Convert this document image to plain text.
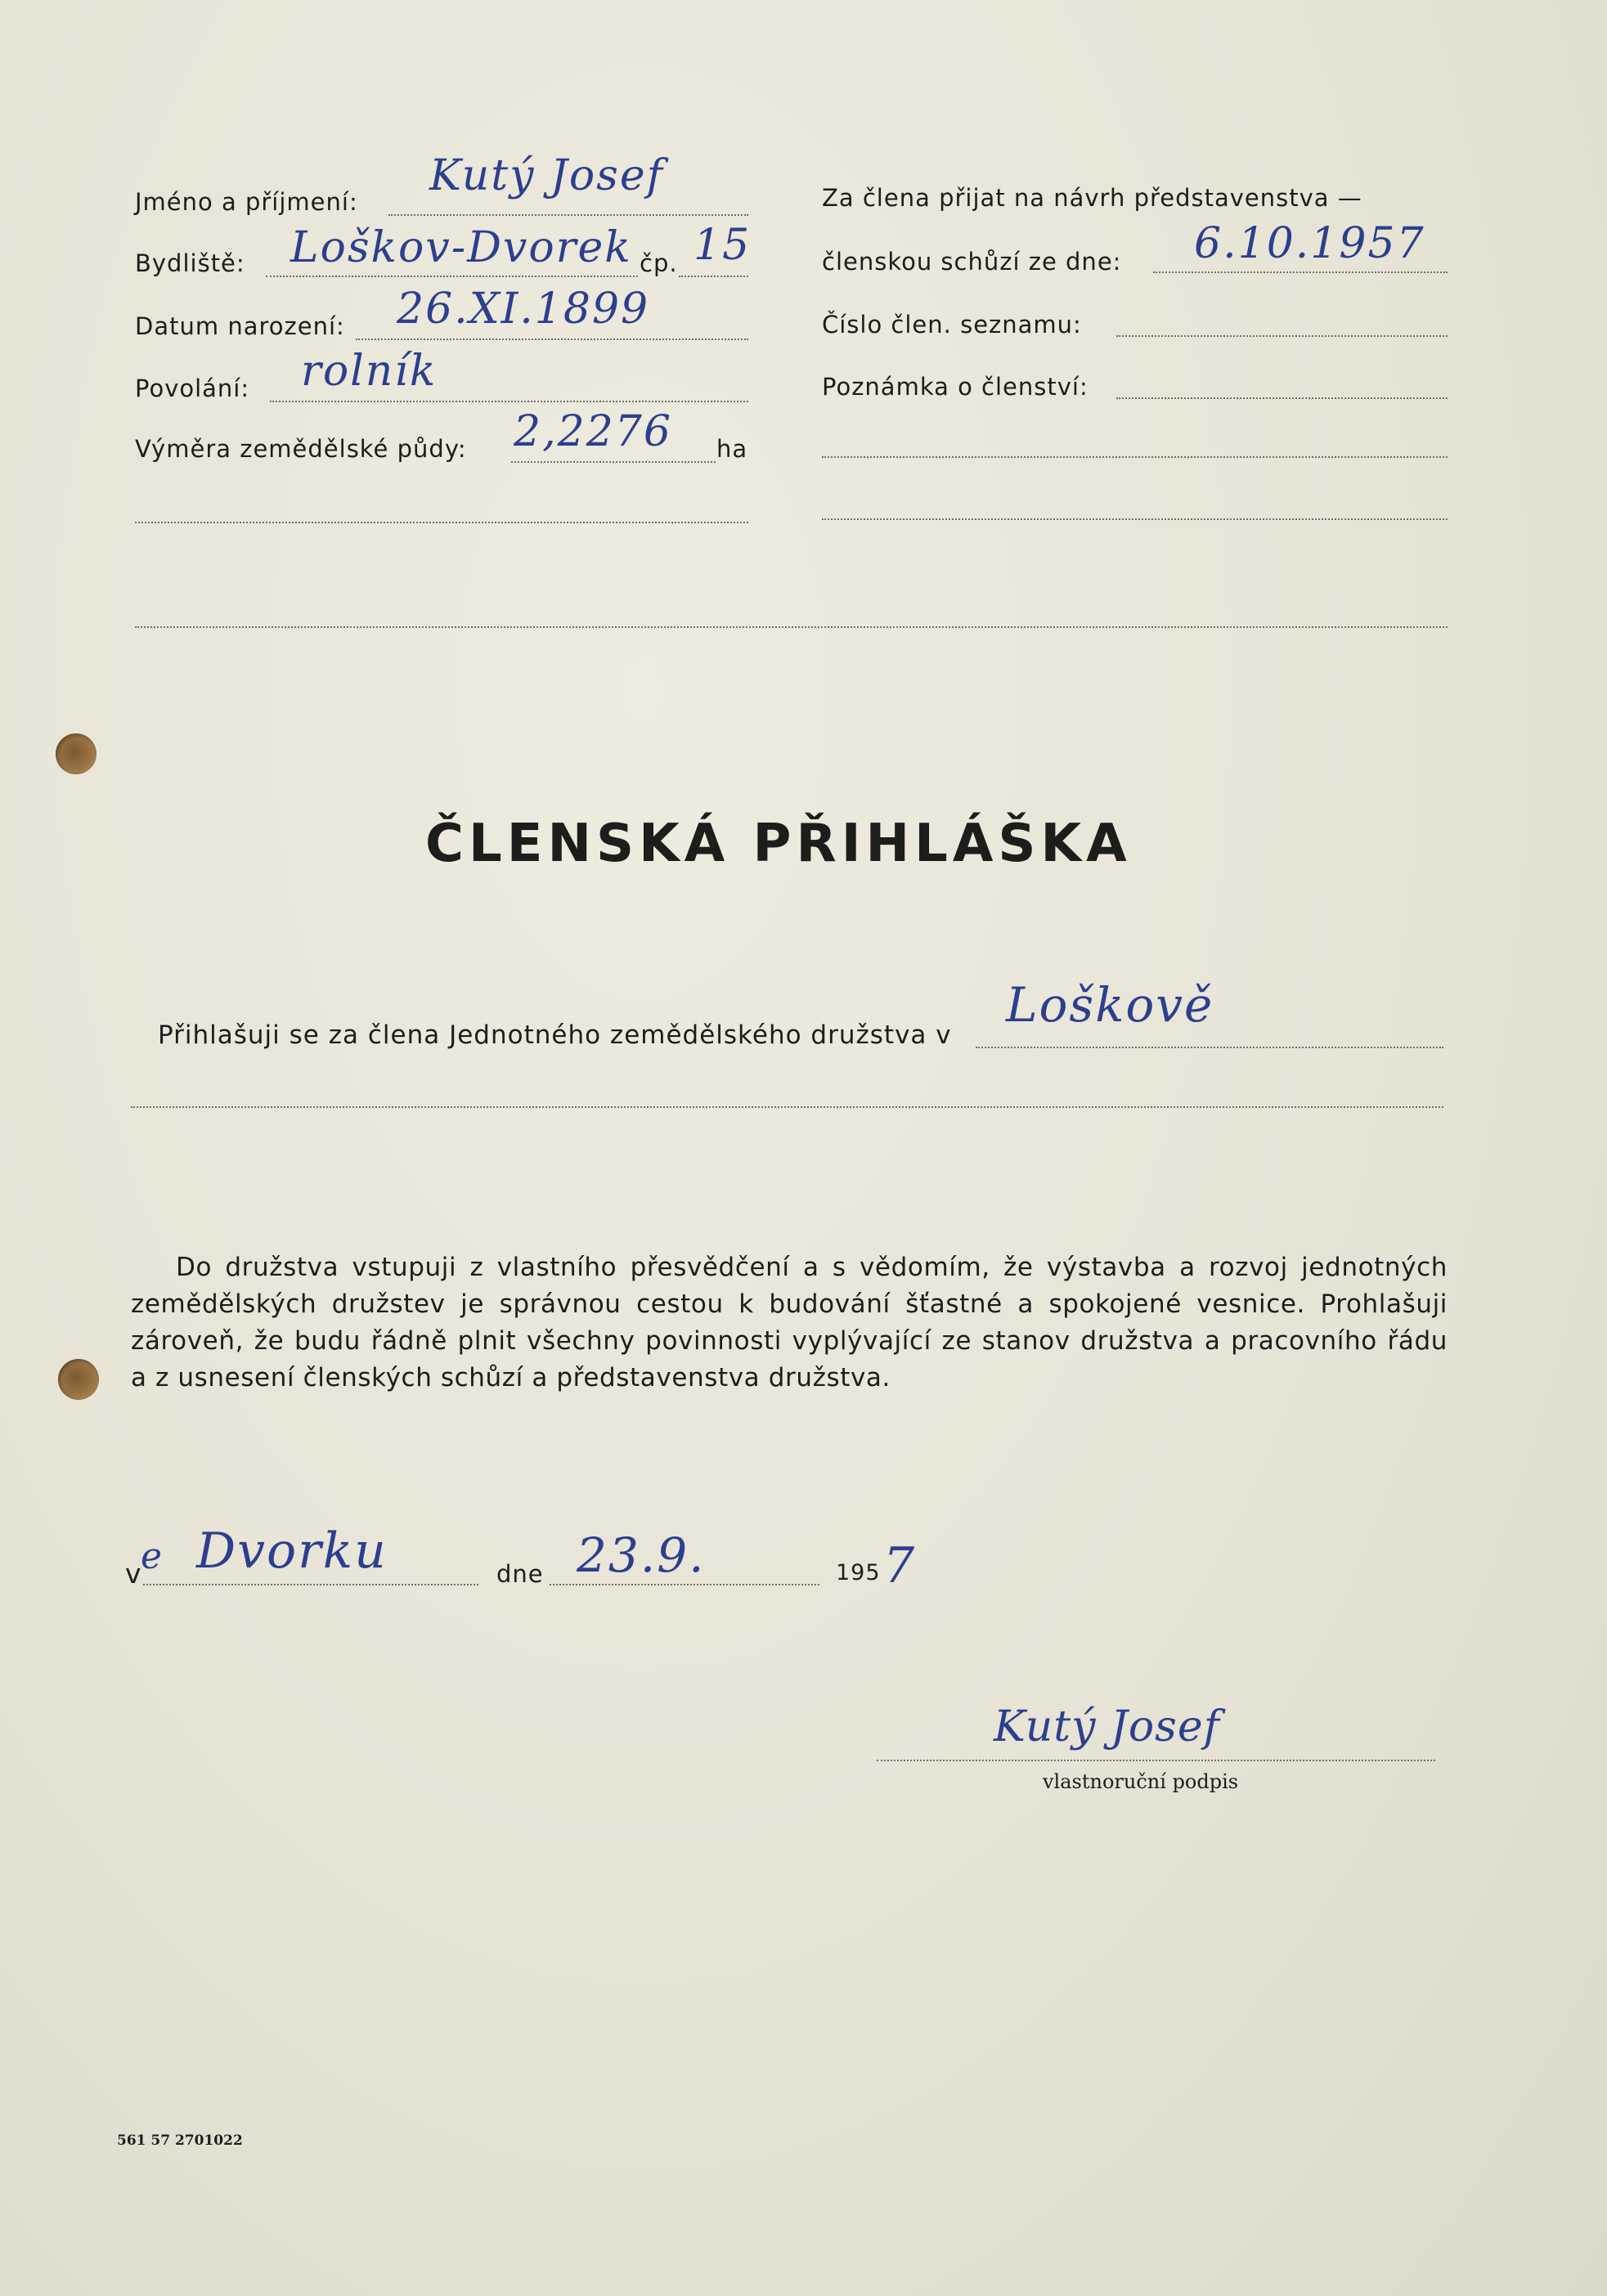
Jméno a příjmení:
Kutý Josef
Bydliště: Loškov-Dvorek čp. 15
Datum narození: 26.XI.1899
Povolání: rolník
Výměra zemědělské půdy: 2,2276 ha
Za člena přijat na návrh představenstva —
členskou schůzí ze dne: 6.10.1957
Číslo člen. seznamu:
Poznámka o členství:
ČLENSKÁ PŘIHLÁŠKA
Přihlašuji se za člena Jednotného zemědělského družstva v
Loškově
Do družstva vstupuji z vlastního přesvědčení a s vědomím, že výstavba a rozvoj jednotných zemědělských družstev je správnou cestou k budování šťastné a spokojené vesnice. Prohlašuji zároveň, že budu řádně plnit všechny povinnosti vyplývající ze stanov družstva a pracovního řádu a z usnesení členských schůzí a představenstva družstva.
v
e Dvorku	dne 23.9.	195 7
Kutý Josef
vlastnoruční podpis
561 57 2701022
